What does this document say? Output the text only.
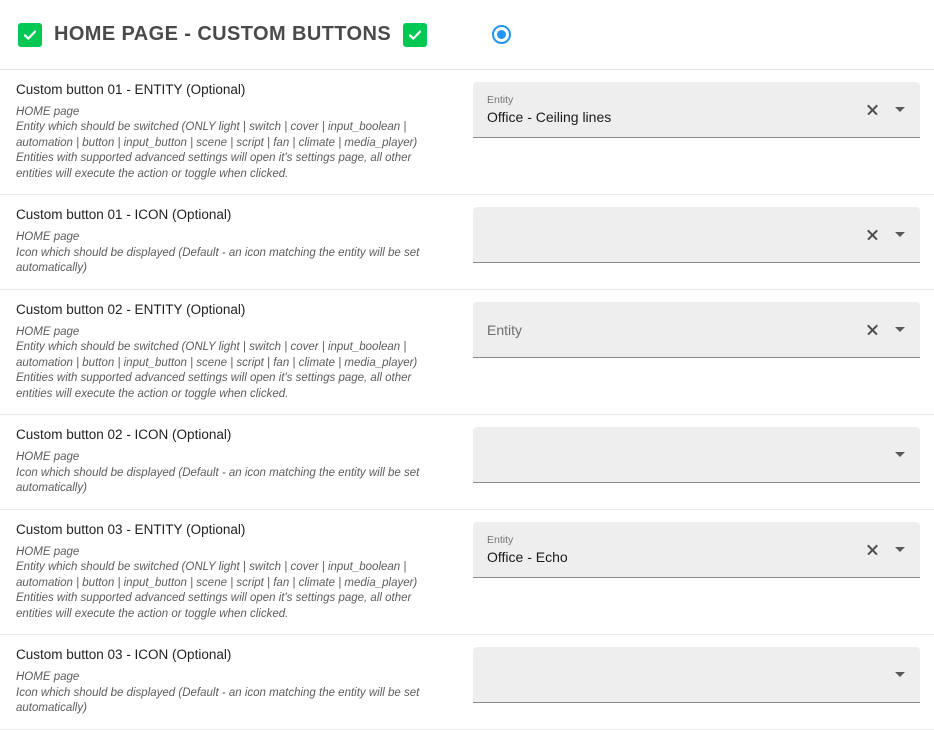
HOME PAGE - CUSTOM BUTTONS
Custom button 01 - ENTITY (Optional)
HOME page
Entity which should be switched (ONLY light | switch | cover | input_boolean | automation | button | input_button | scene | script | fan | climate | media_player)
Entities with supported advanced settings will open it's settings page, all other entities will execute the action or toggle when clicked.
Entity
Office - Ceiling lines
Custom button 01 - ICON (Optional)
HOME page
Icon which should be displayed (Default - an icon matching the entity will be set automatically)
Custom button 02 - ENTITY (Optional)
HOME page
Entity which should be switched (ONLY light | switch | cover | input_boolean | automation | button | input_button | scene | script | fan | climate | media_player)
Entities with supported advanced settings will open it's settings page, all other entities will execute the action or toggle when clicked.
Entity
Custom button 02 - ICON (Optional)
HOME page
Icon which should be displayed (Default - an icon matching the entity will be set automatically)
Custom button 03 - ENTITY (Optional)
HOME page
Entity which should be switched (ONLY light | switch | cover | input_boolean | automation | button | input_button | scene | script | fan | climate | media_player)
Entities with supported advanced settings will open it's settings page, all other entities will execute the action or toggle when clicked.
Entity
Office - Echo
Custom button 03 - ICON (Optional)
HOME page
Icon which should be displayed (Default - an icon matching the entity will be set automatically)
